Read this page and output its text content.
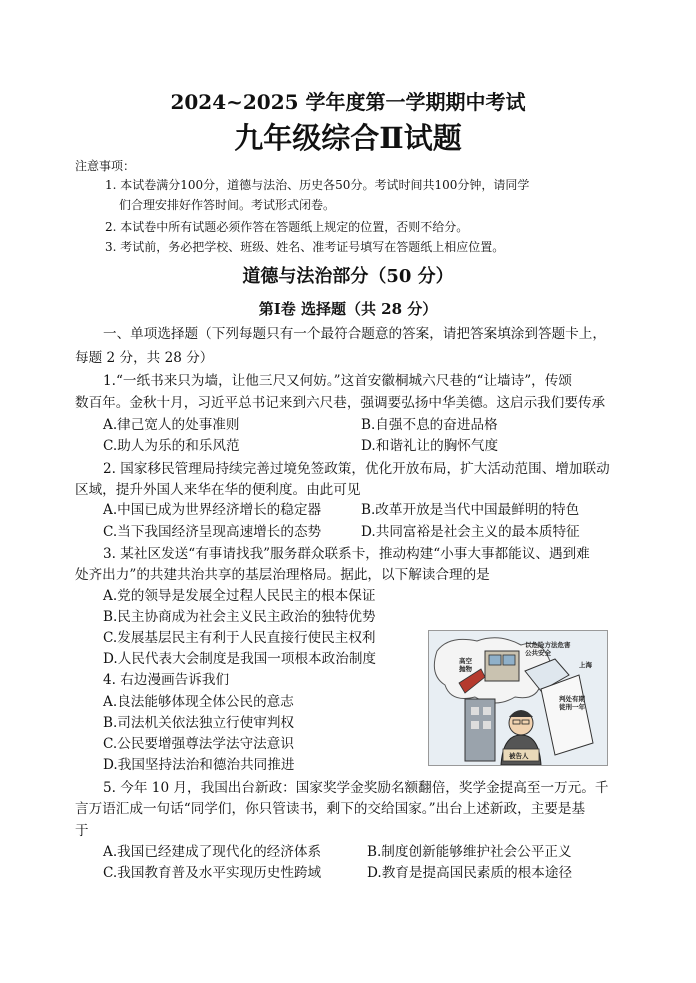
2024~2025 学年度第一学期期中考试
九年级综合Ⅱ试题
注意事项：
1. 本试卷满分100分，道德与法治、历史各50分。考试时间共100分钟，请同学
们合理安排好作答时间。考试形式闭卷。
2. 本试卷中所有试题必须作答在答题纸上规定的位置，否则不给分。
3. 考试前，务必把学校、班级、姓名、准考证号填写在答题纸上相应位置。
道德与法治部分（50 分）
第Ⅰ卷 选择题（共 28 分）
一、单项选择题（下列每题只有一个最符合题意的答案，请把答案填涂到答题卡上，
每题 2 分，共 28 分）
1.“一纸书来只为墙，让他三尺又何妨。”这首安徽桐城六尺巷的“让墙诗”，传颂
数百年。金秋十月，习近平总书记来到六尺巷，强调要弘扬中华美德。这启示我们要传承
A.律己宽人的处事准则	B.自强不息的奋进品格
C.助人为乐的和乐风范	D.和谐礼让的胸怀气度
2. 国家移民管理局持续完善过境免签政策，优化开放布局，扩大活动范围、增加联动
区域，提升外国人来华在华的便利度。由此可见
A.中国已成为世界经济增长的稳定器	B.改革开放是当代中国最鲜明的特色
C.当下我国经济呈现高速增长的态势	D.共同富裕是社会主义的最本质特征
3. 某社区发送“有事请找我”服务群众联系卡，推动构建“小事大事都能议、遇到难
处齐出力”的共建共治共享的基层治理格局。据此，以下解读合理的是
A.党的领导是发展全过程人民民主的根本保证
B.民主协商成为社会主义民主政治的独特优势
C.发展基层民主有利于人民直接行使民主权利
D.人民代表大会制度是我国一项根本政治制度
4. 右边漫画告诉我们
A.良法能够体现全体公民的意志
B.司法机关依法独立行使审判权
C.公民要增强尊法学法守法意识
D.我国坚持法治和德治共同推进
高空抛物
以危险方法危害公共安全
上海
判处有期徒刑一年
被告人
5. 今年 10 月，我国出台新政：国家奖学金奖励名额翻倍，奖学金提高至一万元。千
言万语汇成一句话“同学们，你只管读书，剩下的交给国家。”出台上述新政，主要是基
于
A.我国已经建成了现代化的经济体系	B.制度创新能够维护社会公平正义
C.我国教育普及水平实现历史性跨域	D.教育是提高国民素质的根本途径
